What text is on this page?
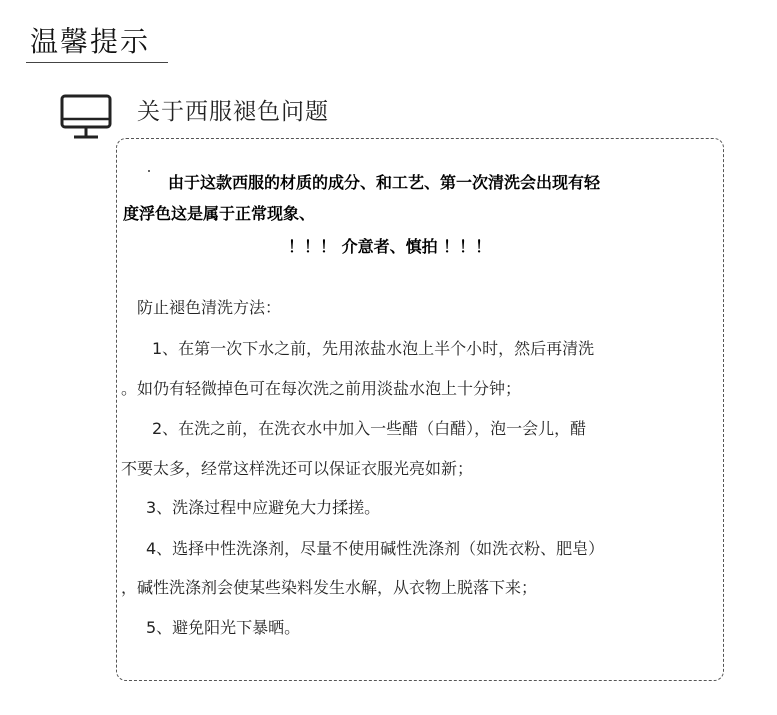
温馨提示
关于西服褪色问题
由于这款西服的材质的成分、和工艺、第一次清洗会出现有轻
度浮色这是属于正常现象、
！！！ 介意者、慎拍 ！！！
防止褪色清洗方法：
1、在第一次下水之前，先用浓盐水泡上半个小时，然后再清洗
。如仍有轻微掉色可在每次洗之前用淡盐水泡上十分钟；
2、在洗之前，在洗衣水中加入一些醋（白醋），泡一会儿，醋
不要太多，经常这样洗还可以保证衣服光亮如新；
3、洗涤过程中应避免大力揉搓。
4、选择中性洗涤剂，尽量不使用碱性洗涤剂（如洗衣粉、肥皂）
，碱性洗涤剂会使某些染料发生水解，从衣物上脱落下来；
5、避免阳光下暴晒。
